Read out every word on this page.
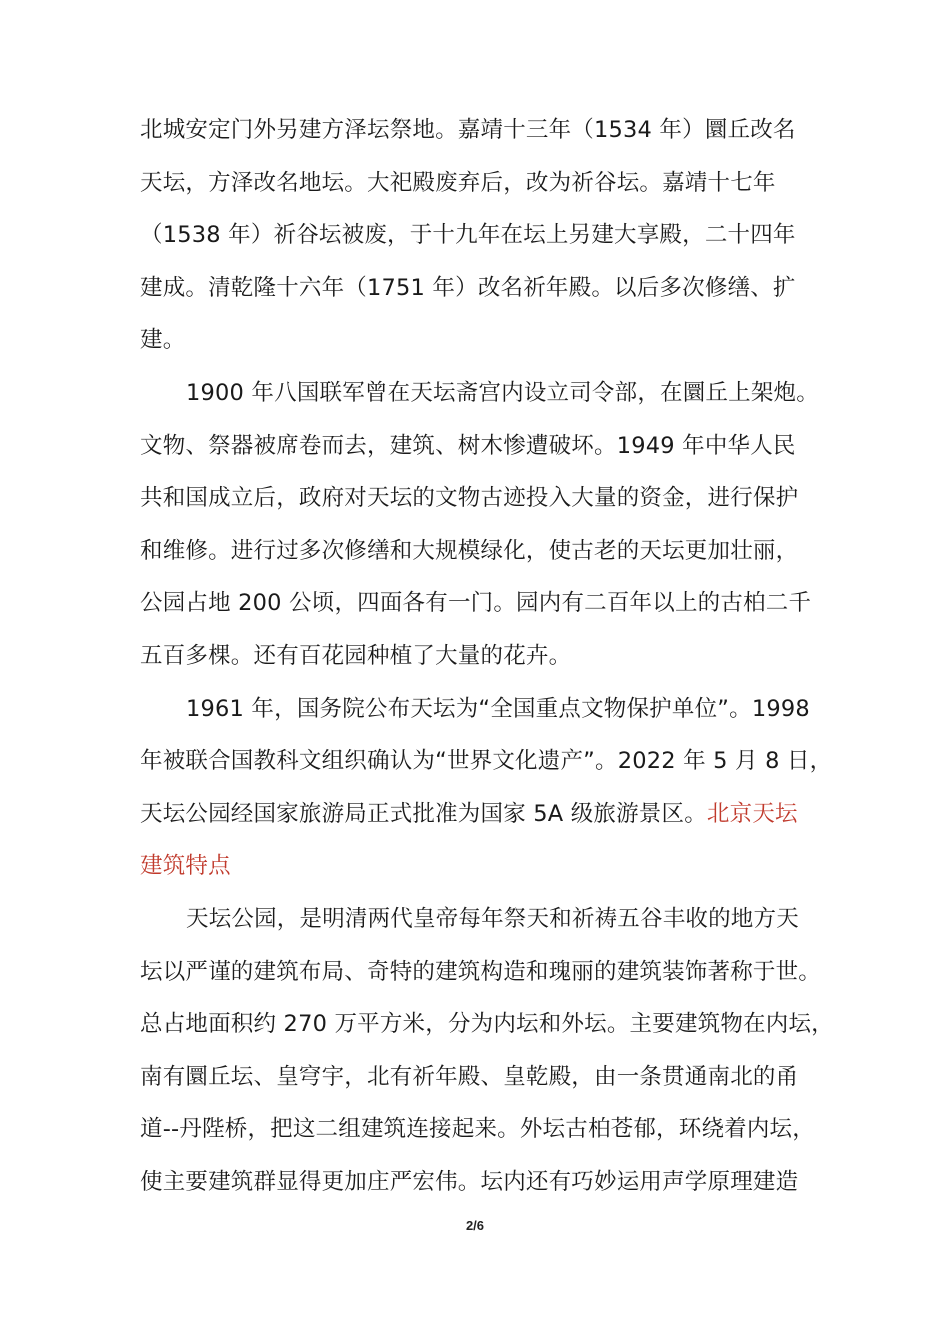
北城安定门外另建方泽坛祭地。嘉靖十三年（1534 年）圜丘改名
天坛，方泽改名地坛。大祀殿废弃后，改为祈谷坛。嘉靖十七年
（1538 年）祈谷坛被废，于十九年在坛上另建大享殿，二十四年
建成。清乾隆十六年（1751 年）改名祈年殿。以后多次修缮、扩
建。
1900 年八国联军曾在天坛斋宫内设立司令部，在圜丘上架炮。
文物、祭器被席卷而去，建筑、树木惨遭破坏。1949 年中华人民
共和国成立后，政府对天坛的文物古迹投入大量的资金，进行保护
和维修。进行过多次修缮和大规模绿化，使古老的天坛更加壮丽，
公园占地 200 公顷，四面各有一门。园内有二百年以上的古柏二千
五百多棵。还有百花园种植了大量的花卉。
1961 年，国务院公布天坛为“全国重点文物保护单位”。1998
年被联合国教科文组织确认为“世界文化遗产”。2022 年 5 月 8 日，
天坛公园经国家旅游局正式批准为国家 5A 级旅游景区。北京天坛
建筑特点
天坛公园，是明清两代皇帝每年祭天和祈祷五谷丰收的地方天
坛以严谨的建筑布局、奇特的建筑构造和瑰丽的建筑装饰著称于世。
总占地面积约 270 万平方米，分为内坛和外坛。主要建筑物在内坛，
南有圜丘坛、皇穹宇，北有祈年殿、皇乾殿，由一条贯通南北的甬
道--丹陛桥，把这二组建筑连接起来。外坛古柏苍郁，环绕着内坛，
使主要建筑群显得更加庄严宏伟。坛内还有巧妙运用声学原理建造
2/6
